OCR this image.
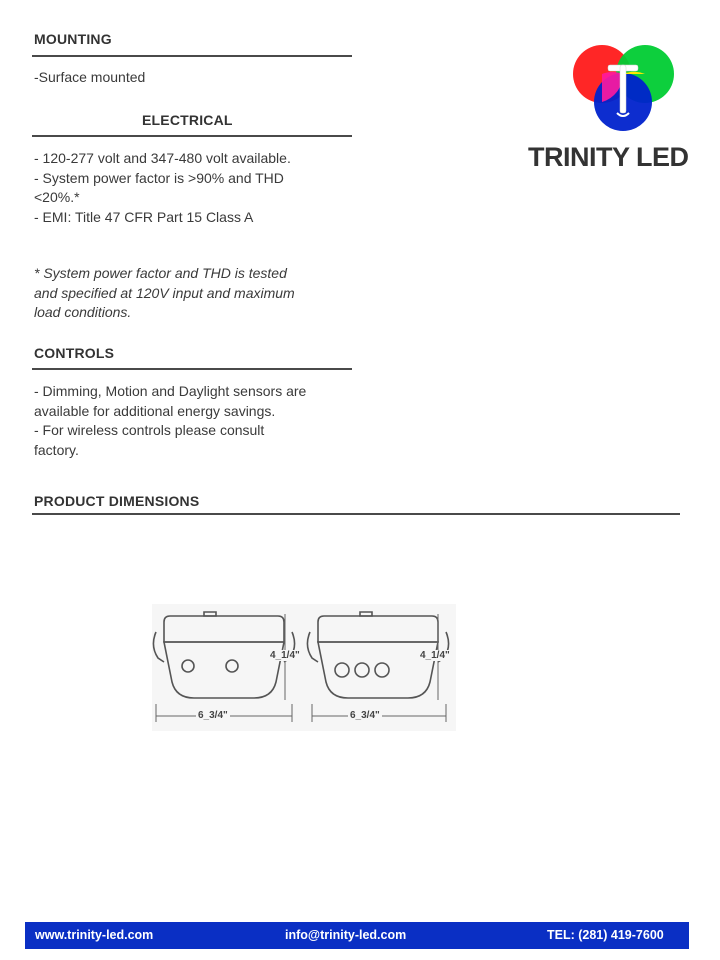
MOUNTING
-Surface mounted
ELECTRICAL
- 120-277 volt and 347-480 volt available.
- System power factor is >90% and THD
<20%.*
- EMI: Title 47 CFR Part 15 Class A
* System power factor and THD is tested
and specified at 120V input and maximum
load conditions.
CONTROLS
- Dimming, Motion and Daylight sensors are
available for additional energy savings.
- For wireless controls please consult
factory.
PRODUCT DIMENSIONS
TRINITY LED
4_1/4"
6_3/4"
4_1/4"
6_3/4"
www.trinity-led.com	info@trinity-led.com	TEL: (281) 419-7600
